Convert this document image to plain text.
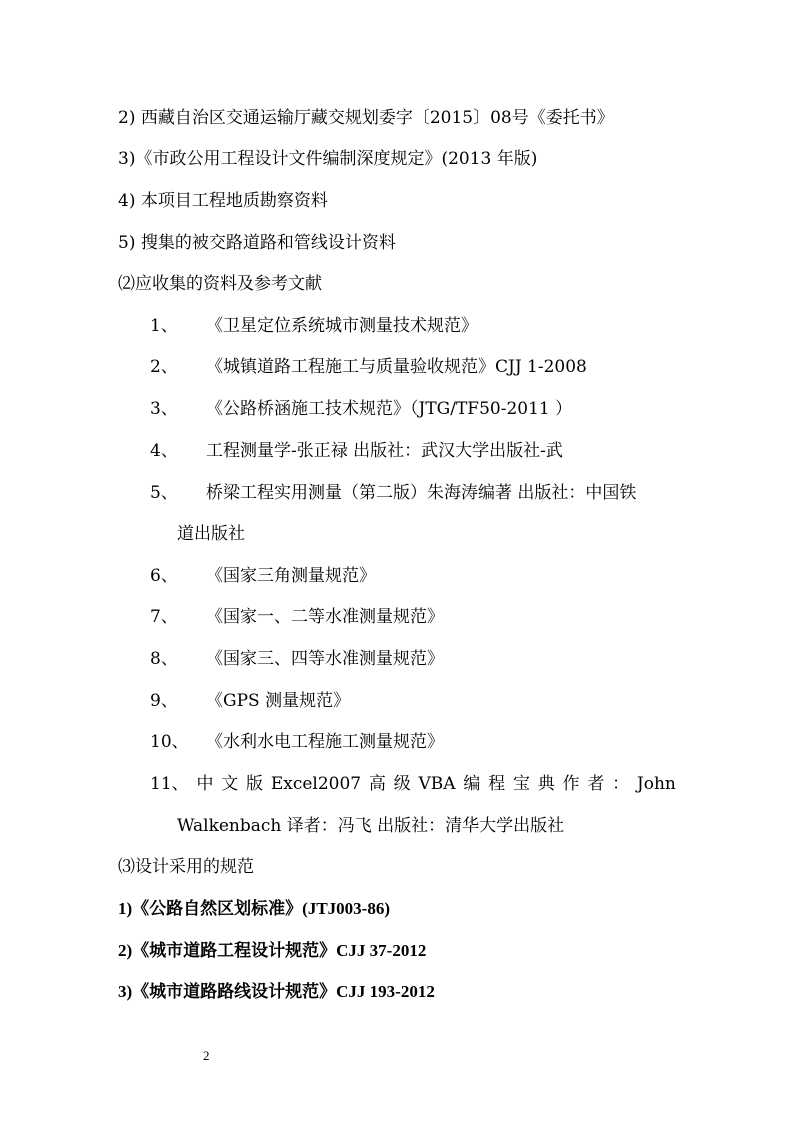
2) 西藏自治区交通运输厅藏交规划委字〔2015〕08号《委托书》
3)《市政公用工程设计文件编制深度规定》(2013 年版)
4) 本项目工程地质勘察资料
5) 搜集的被交路道路和管线设计资料
⑵应收集的资料及参考文献
1、 《卫星定位系统城市测量技术规范》
2、 《城镇道路工程施工与质量验收规范》CJJ 1-2008
3、 《公路桥涵施工技术规范》（JTG/TF50-2011 ）
4、 工程测量学-张正禄 出版社：武汉大学出版社-武
5、 桥梁工程实用测量（第二版）朱海涛编著 出版社：中国铁
道出版社
6、 《国家三角测量规范》
7、 《国家一、二等水准测量规范》
8、 《国家三、四等水准测量规范》
9、 《GPS 测量规范》
10、 《水利水电工程施工测量规范》
11、 中 文 版 Excel2007 高 级 VBA 编 程 宝 典 作 者 ： John
Walkenbach 译者：冯飞 出版社：清华大学出版社
⑶设计采用的规范
1)《公路自然区划标准》(JTJ003-86)
2)《城市道路工程设计规范》CJJ 37-2012
3)《城市道路路线设计规范》CJJ 193-2012
2
